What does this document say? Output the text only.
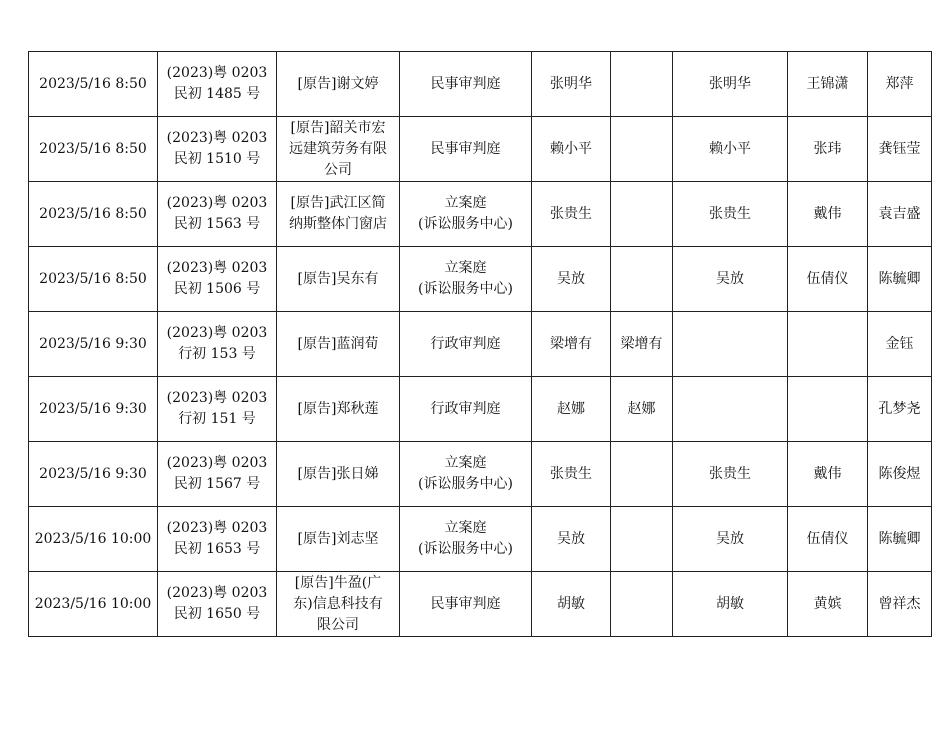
2023/5/16 8:50	(2023)粤 0203
民初 1485 号	[原告]谢文婷	民事审判庭	张明华		张明华	王锦潇	郑萍
2023/5/16 8:50	(2023)粤 0203
民初 1510 号	[原告]韶关市宏
远建筑劳务有限
公司	民事审判庭	赖小平		赖小平	张玮	龚钰莹
2023/5/16 8:50	(2023)粤 0203
民初 1563 号	[原告]武江区简
纳斯整体门窗店	立案庭
(诉讼服务中心)	张贵生		张贵生	戴伟	袁吉盛
2023/5/16 8:50	(2023)粤 0203
民初 1506 号	[原告]吴东有	立案庭
(诉讼服务中心)	吴放		吴放	伍倩仪	陈毓卿
2023/5/16 9:30	(2023)粤 0203
行初 153 号	[原告]蓝润荀	行政审判庭	梁增有	梁增有			金钰
2023/5/16 9:30	(2023)粤 0203
行初 151 号	[原告]郑秋莲	行政审判庭	赵娜	赵娜			孔梦尧
2023/5/16 9:30	(2023)粤 0203
民初 1567 号	[原告]张日娣	立案庭
(诉讼服务中心)	张贵生		张贵生	戴伟	陈俊煜
2023/5/16 10:00	(2023)粤 0203
民初 1653 号	[原告]刘志坚	立案庭
(诉讼服务中心)	吴放		吴放	伍倩仪	陈毓卿
2023/5/16 10:00	(2023)粤 0203
民初 1650 号	[原告]牛盈(广
东)信息科技有
限公司	民事审判庭	胡敏		胡敏	黄嫔	曾祥杰
